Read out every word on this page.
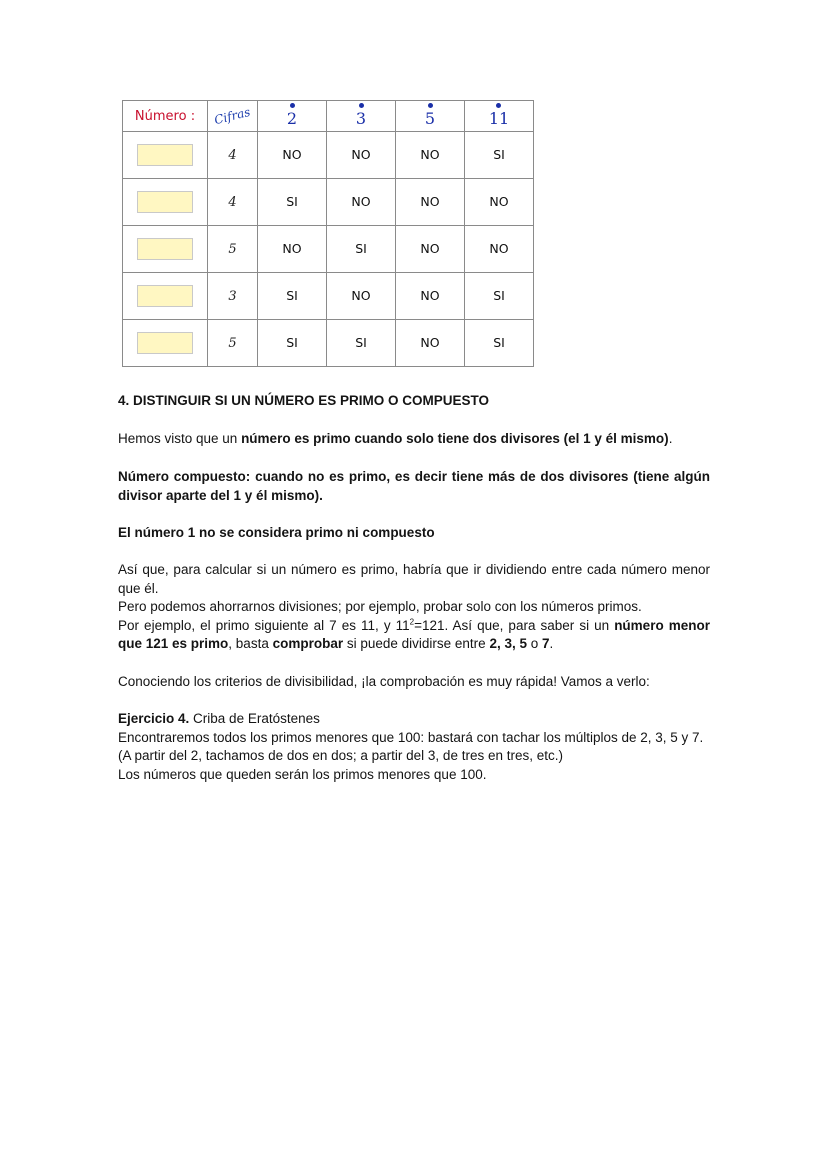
Número :	Cifras	2	3	5	11
	4	NO	NO	NO	SI
	4	SI	NO	NO	NO
	5	NO	SI	NO	NO
	3	SI	NO	NO	SI
	5	SI	SI	NO	SI
4. DISTINGUIR SI UN NÚMERO ES PRIMO O COMPUESTO
Hemos visto que un número es primo cuando solo tiene dos divisores (el 1 y él mismo).
Número compuesto: cuando no es primo, es decir tiene más de dos divisores (tiene algún divisor aparte del 1 y él mismo).
El número 1 no se considera primo ni compuesto
Así que, para calcular si un número es primo, habría que ir dividiendo entre cada número menor que él.
Pero podemos ahorrarnos divisiones; por ejemplo, probar solo con los números primos.
Por ejemplo, el primo siguiente al 7 es 11, y $11^2=121$. Así que, para saber si un número menor que 121 es primo, basta comprobar si puede dividirse entre 2, 3, 5 o 7.
Conociendo los criterios de divisibilidad, ¡la comprobación es muy rápida! Vamos a verlo:
Ejercicio 4. Criba de Eratóstenes
Encontraremos todos los primos menores que 100: bastará con tachar los múltiplos de 2, 3, 5 y 7. (A partir del 2, tachamos de dos en dos; a partir del 3, de tres en tres, etc.)
Los números que queden serán los primos menores que 100.
